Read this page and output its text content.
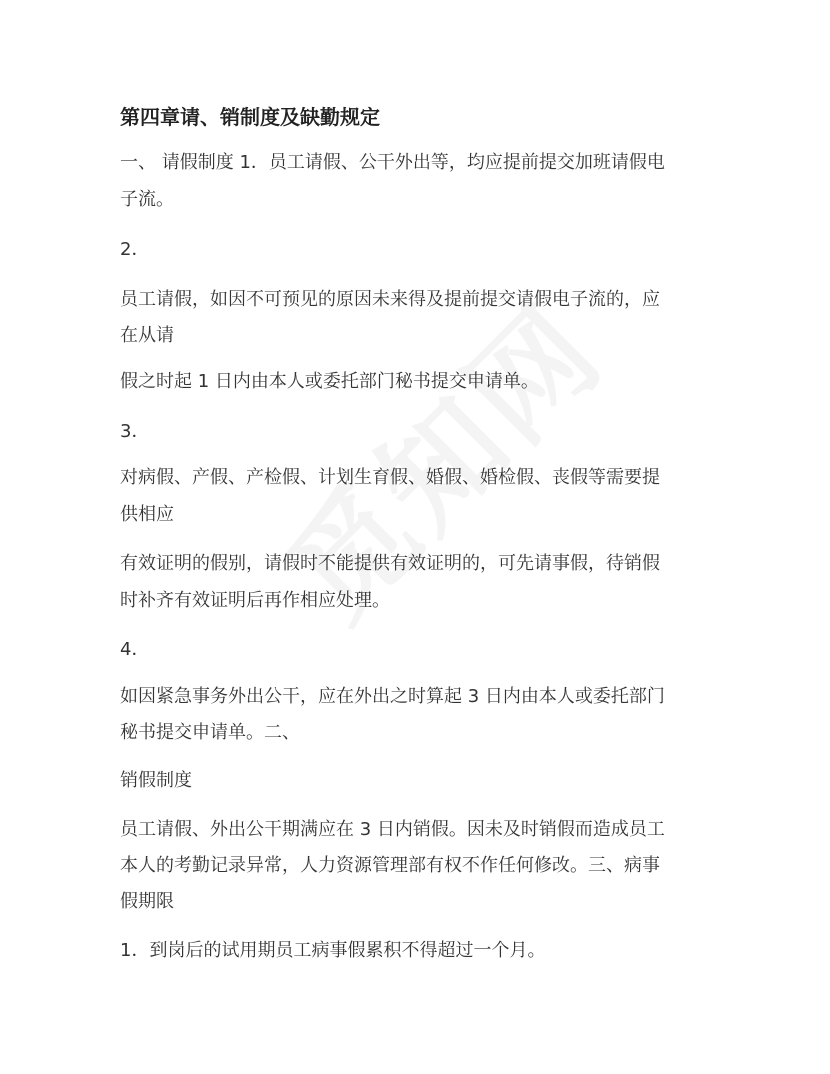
第四章请、销制度及缺勤规定
一、 请假制度 1．员工请假、公干外出等，均应提前提交加班请假电
子流。
2．
员工请假，如因不可预见的原因未来得及提前提交请假电子流的，应
在从请
假之时起 1 日内由本人或委托部门秘书提交申请单。
3．
对病假、产假、产检假、计划生育假、婚假、婚检假、丧假等需要提
供相应
有效证明的假别，请假时不能提供有效证明的，可先请事假，待销假
时补齐有效证明后再作相应处理。
4．
如因紧急事务外出公干，应在外出之时算起 3 日内由本人或委托部门
秘书提交申请单。二、
销假制度
员工请假、外出公干期满应在 3 日内销假。因未及时销假而造成员工
本人的考勤记录异常，人力资源管理部有权不作任何修改。三、病事
假期限
1．到岗后的试用期员工病事假累积不得超过一个月。
